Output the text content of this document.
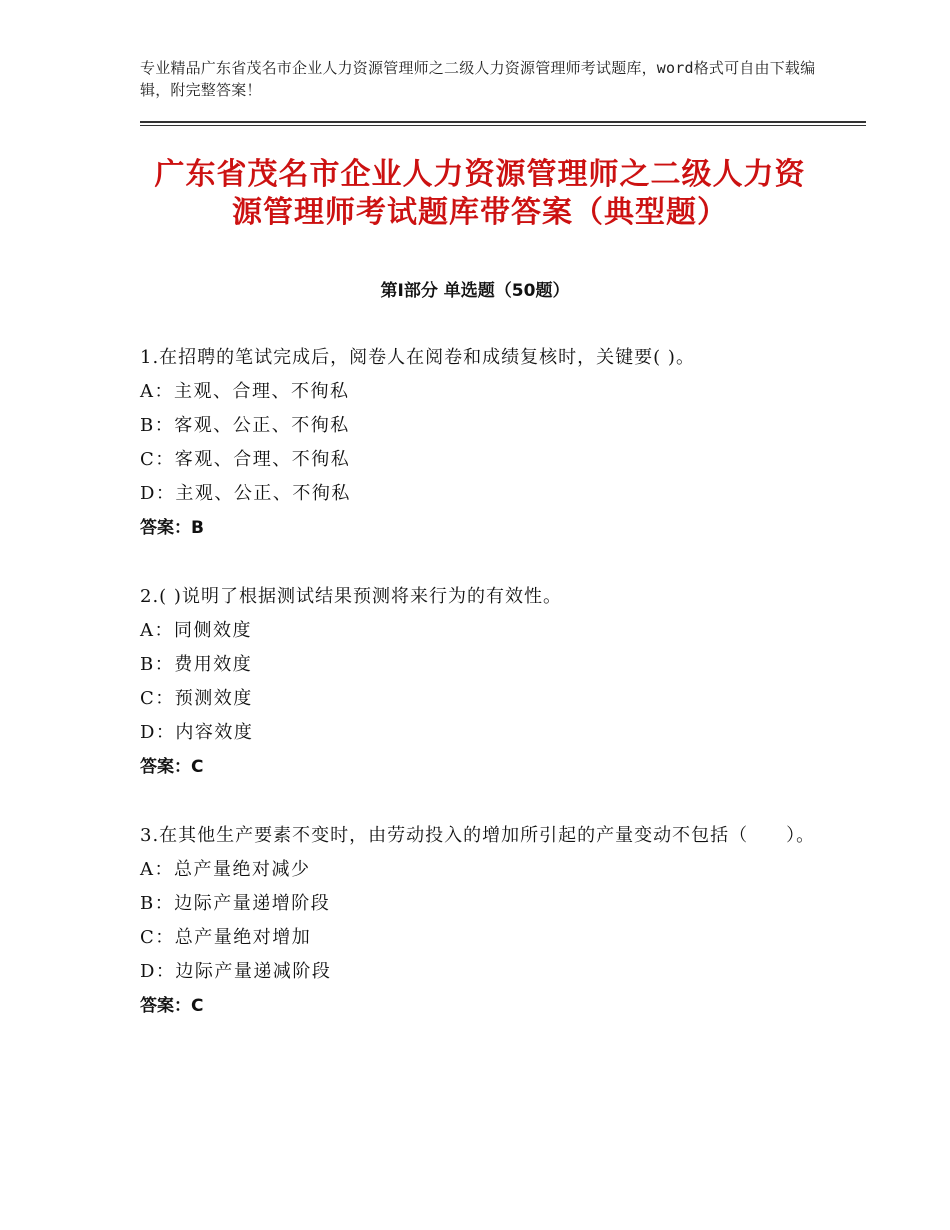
专业精品广东省茂名市企业人力资源管理师之二级人力资源管理师考试题库，word格式可自由下载编辑，附完整答案！
广东省茂名市企业人力资源管理师之二级人力资源管理师考试题库带答案（典型题）
第Ⅰ部分 单选题（50题）
1.在招聘的笔试完成后，阅卷人在阅卷和成绩复核时，关键要( )。
A：主观、合理、不徇私
B：客观、公正、不徇私
C：客观、合理、不徇私
D：主观、公正、不徇私
答案：B
2.( )说明了根据测试结果预测将来行为的有效性。
A：同侧效度
B：费用效度
C：预测效度
D：内容效度
答案：C
3.在其他生产要素不变时，由劳动投入的增加所引起的产量变动不包括（　　）。
A：总产量绝对减少
B：边际产量递增阶段
C：总产量绝对增加
D：边际产量递减阶段
答案：C
